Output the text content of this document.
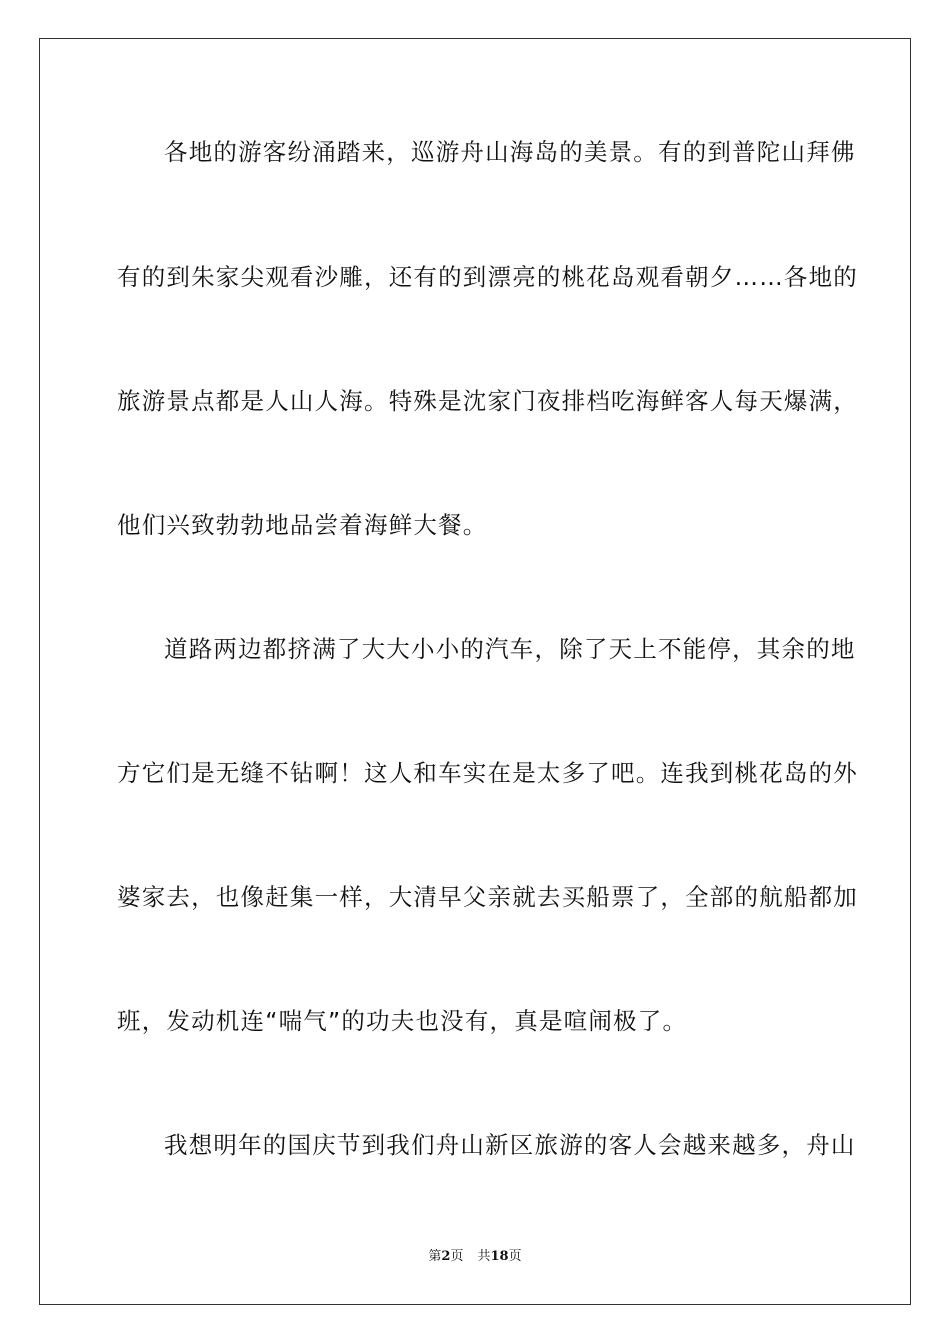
各地的游客纷涌踏来，巡游舟山海岛的美景。有的到普陀山拜佛
有的到朱家尖观看沙雕，还有的到漂亮的桃花岛观看朝夕……各地的
旅游景点都是人山人海。特殊是沈家门夜排档吃海鲜客人每天爆满，
他们兴致勃勃地品尝着海鲜大餐。
道路两边都挤满了大大小小的汽车，除了天上不能停，其余的地
方它们是无缝不钻啊！这人和车实在是太多了吧。连我到桃花岛的外
婆家去，也像赶集一样，大清早父亲就去买船票了，全部的航船都加
班，发动机连“喘气”的功夫也没有，真是喧闹极了。
我想明年的国庆节到我们舟山新区旅游的客人会越来越多，舟山
第2页 共18页
